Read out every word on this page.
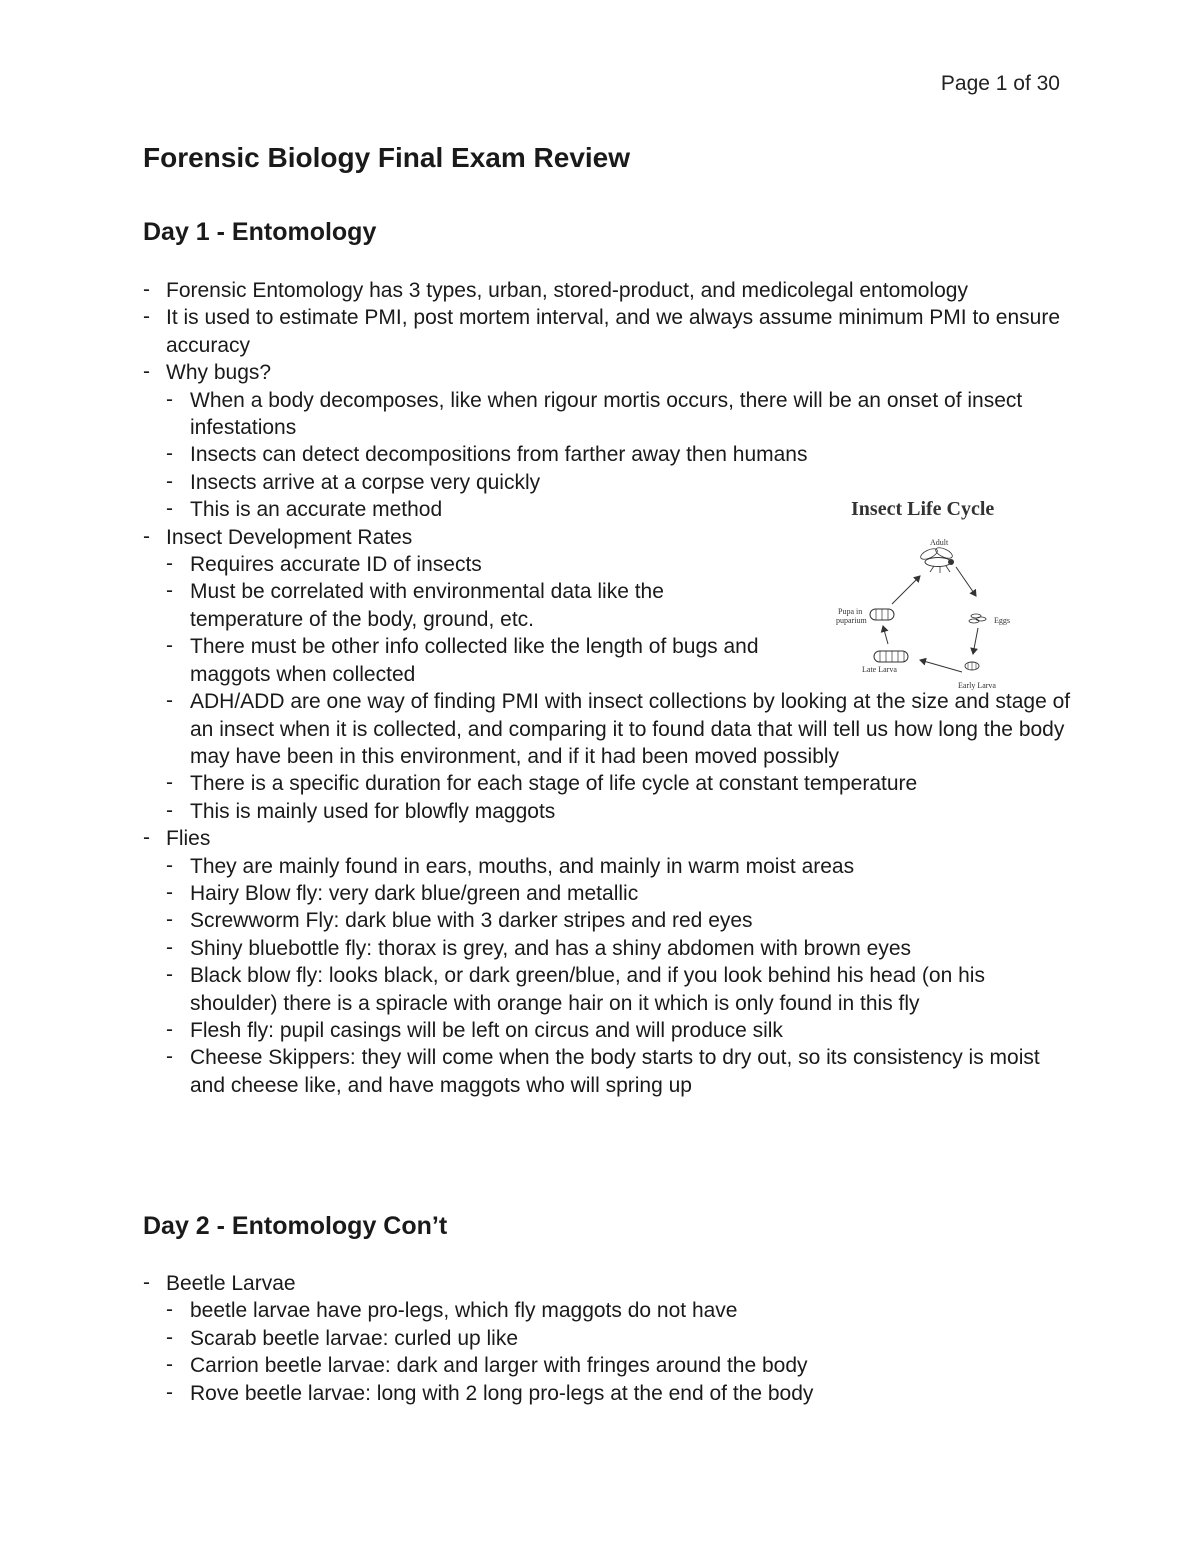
Page 1 of 30
Forensic Biology Final Exam Review
Day 1 - Entomology
- Forensic Entomology has 3 types, urban, stored-product, and medicolegal entomology
- It is used to estimate PMI, post mortem interval, and we always assume minimum PMI to ensure accuracy
- Why bugs?
- When a body decomposes, like when rigour mortis occurs, there will be an onset of insect infestations
- Insects can detect decompositions from farther away then humans
- Insects arrive at a corpse very quickly
- This is an accurate method
- Insect Development Rates
- Requires accurate ID of insects
- Must be correlated with environmental data like the temperature of the body, ground, etc.
- There must be other info collected like the length of bugs and maggots when collected
- ADH/ADD are one way of finding PMI with insect collections by looking at the size and stage of an insect when it is collected, and comparing it to found data that will tell us how long the body may have been in this environment, and if it had been moved possibly
- There is a specific duration for each stage of life cycle at constant temperature
- This is mainly used for blowfly maggots
- Flies
- They are mainly found in ears, mouths, and mainly in warm moist areas
- Hairy Blow fly: very dark blue/green and metallic
- Screwworm Fly: dark blue with 3 darker stripes and red eyes
- Shiny bluebottle fly: thorax is grey, and has a shiny abdomen with brown eyes
- Black blow fly: looks black, or dark green/blue, and if you look behind his head (on his shoulder) there is a spiracle with orange hair on it which is only found in this fly
- Flesh fly: pupil casings will be left on circus and will produce silk
- Cheese Skippers: they will come when the body starts to dry out, so its consistency is moist and cheese like, and have maggots who will spring up
Insect Life Cycle
Adult
Eggs
Early Larva
Late Larva
Pupa in
puparium
Day 2 - Entomology Con’t
- Beetle Larvae
- beetle larvae have pro-legs, which fly maggots do not have
- Scarab beetle larvae: curled up like
- Carrion beetle larvae: dark and larger with fringes around the body
- Rove beetle larvae: long with 2 long pro-legs at the end of the body
